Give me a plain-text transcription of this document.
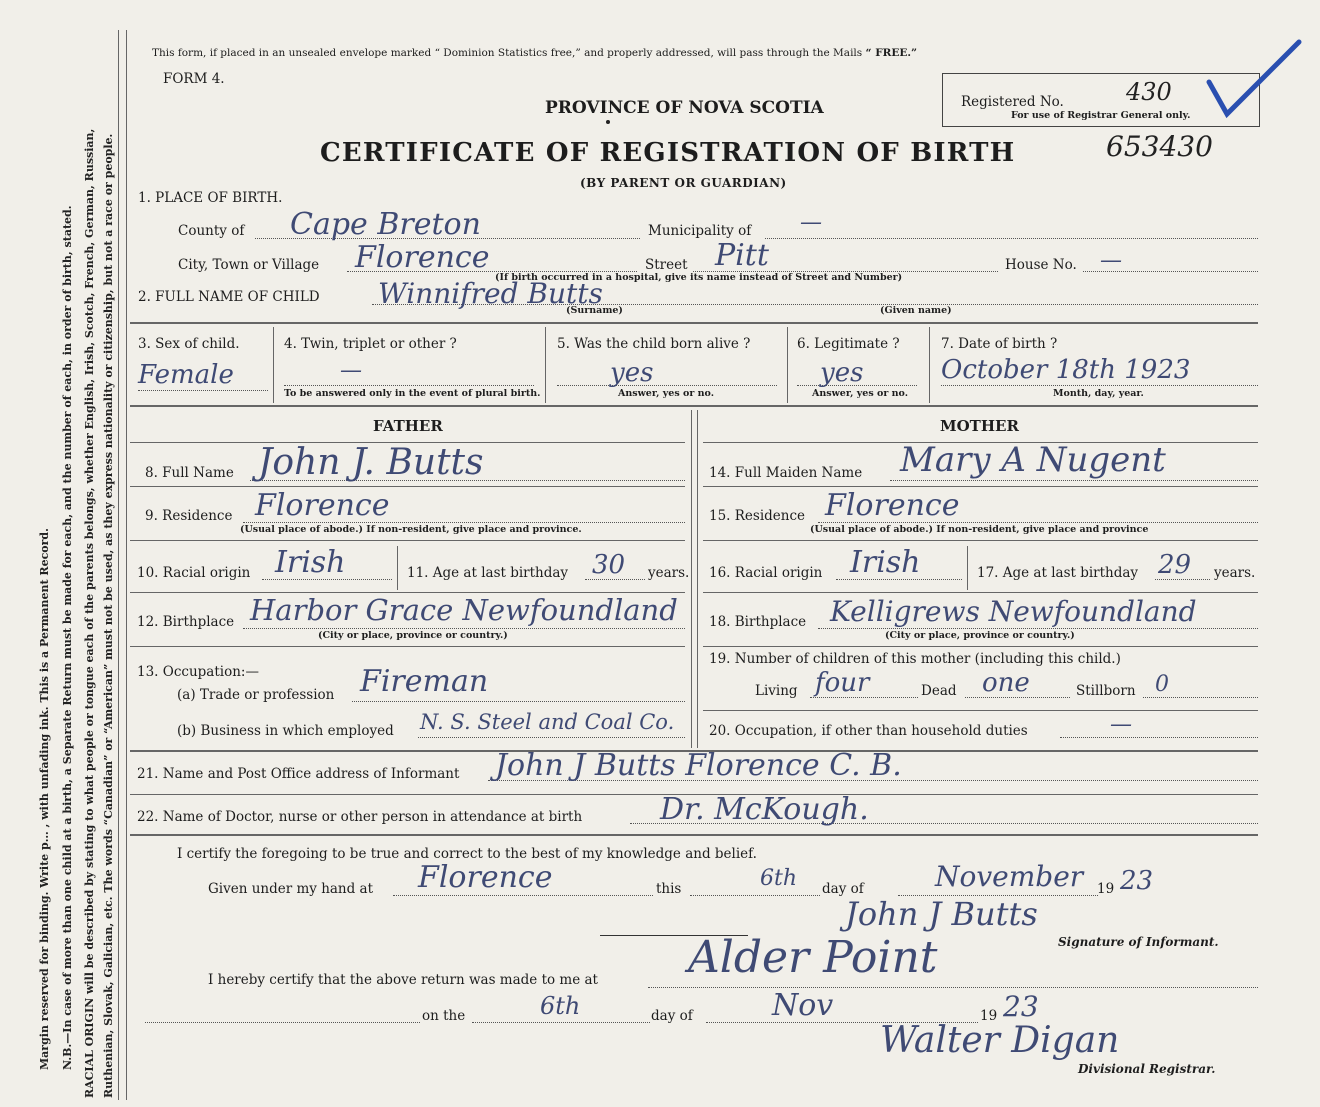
Margin reserved for binding. Write p… , with unfading ink. This is a Permanent Record. N.B.—In case of more than one child at a birth, a Separate Return must be made for each, and the number of each, in order of birth, stated. RACIAL ORIGIN will be described by stating to what people or tongue each of the parents belongs, whether English, Irish, Scotch, French, German, Russian, Ruthenian, Slovak, Galician, etc. The words “Canadian” or “American” must not be used, as they express nationality or citizenship, but not a race or people.
This form, if placed in an unsealed envelope marked “ Dominion Statistics free,” and properly addressed, will pass through the Mails “ FREE.”
FORM 4.
PROVINCE OF NOVA SCOTIA
CERTIFICATE OF REGISTRATION OF BIRTH
(BY PARENT OR GUARDIAN)
Registered No.	430
For use of Registrar General only.
653430
1. PLACE OF BIRTH.
County of Cape Breton	Municipality of —
City, Town or Village Florence	Street Pitt	House No. —
(If birth occurred in a hospital, give its name instead of Street and Number)
2. FULL NAME OF CHILD Winnifred Butts
(Surname)	(Given name)
3. Sex of child.
Female
4. Twin, triplet or other ?
—
To be answered only in the event of plural birth.
5. Was the child born alive ?
yes
Answer, yes or no.
6. Legitimate ?
yes
Answer, yes or no.
7. Date of birth ?
October 18th 1923
Month, day, year.
FATHER	MOTHER
8. Full Name John J. Butts
9. Residence Florence
(Usual place of abode.) If non-resident, give place and province.
10. Racial origin Irish	11. Age at last birthday 30 years.
12. Birthplace Harbor Grace Newfoundland
(City or place, province or country.)
13. Occupation:—
(a) Trade or profession Fireman
(b) Business in which employed N. S. Steel and Coal Co.
14. Full Maiden Name Mary A Nugent
15. Residence Florence
(Usual place of abode.) If non-resident, give place and province
16. Racial origin Irish	17. Age at last birthday 29 years.
18. Birthplace Kelligrews Newfoundland
(City or place, province or country.)
19. Number of children of this mother (including this child.)
Living four	Dead one	Stillborn 0
20. Occupation, if other than household duties	—
21. Name and Post Office address of Informant John J Butts Florence C. B.
22. Name of Doctor, nurse or other person in attendance at birth	Dr. McKough.
I certify the foregoing to be true and correct to the best of my knowledge and belief.
Given under my hand at Florence	this	6th day of	November 19 23
John J Butts
Signature of Informant.
I hereby certify that the above return was made to me at Alder Point
on the	6th	day of	Nov	19 23
Walter Digan
Divisional Registrar.
